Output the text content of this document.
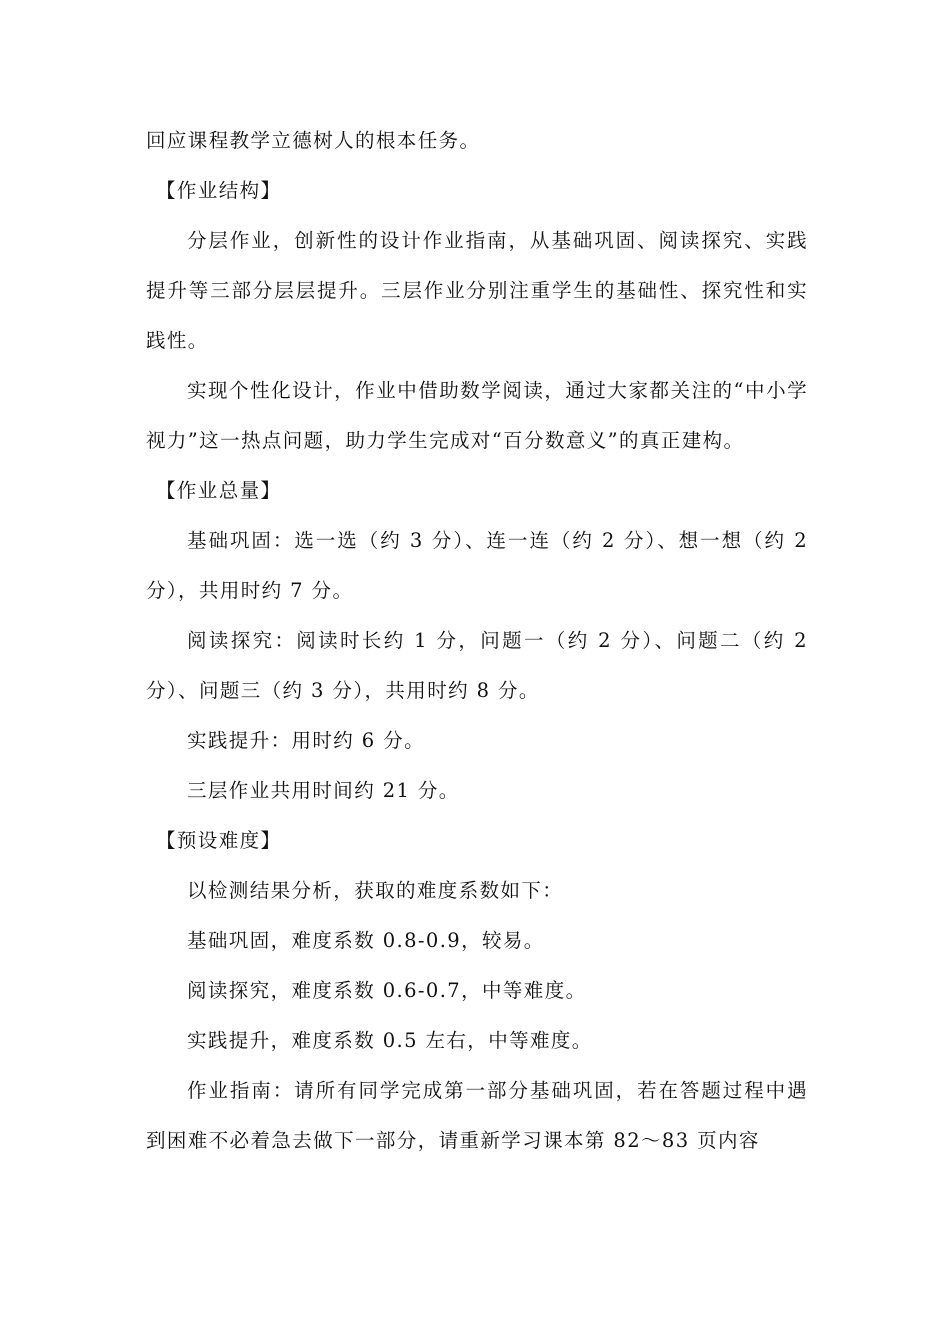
回应课程教学立德树人的根本任务。

【作业结构】

分层作业，创新性的设计作业指南，从基础巩固、阅读探究、实践提升等三部分层层提升。三层作业分别注重学生的基础性、探究性和实践性。

实现个性化设计，作业中借助数学阅读，通过大家都关注的“中小学视力”这一热点问题，助力学生完成对“百分数意义”的真正建构。

【作业总量】

基础巩固：选一选（约 3 分）、连一连（约 2 分）、想一想（约 2 分），共用时约 7 分。

阅读探究：阅读时长约 1 分，问题一（约 2 分）、问题二（约 2 分）、问题三（约 3 分），共用时约 8 分。

实践提升：用时约 6 分。

三层作业共用时间约 21 分。

【预设难度】

以检测结果分析，获取的难度系数如下：

基础巩固，难度系数 0.8-0.9，较易。

阅读探究，难度系数 0.6-0.7，中等难度。

实践提升，难度系数 0.5 左右，中等难度。

作业指南：请所有同学完成第一部分基础巩固，若在答题过程中遇到困难不必着急去做下一部分，请重新学习课本第 82～83 页内容
